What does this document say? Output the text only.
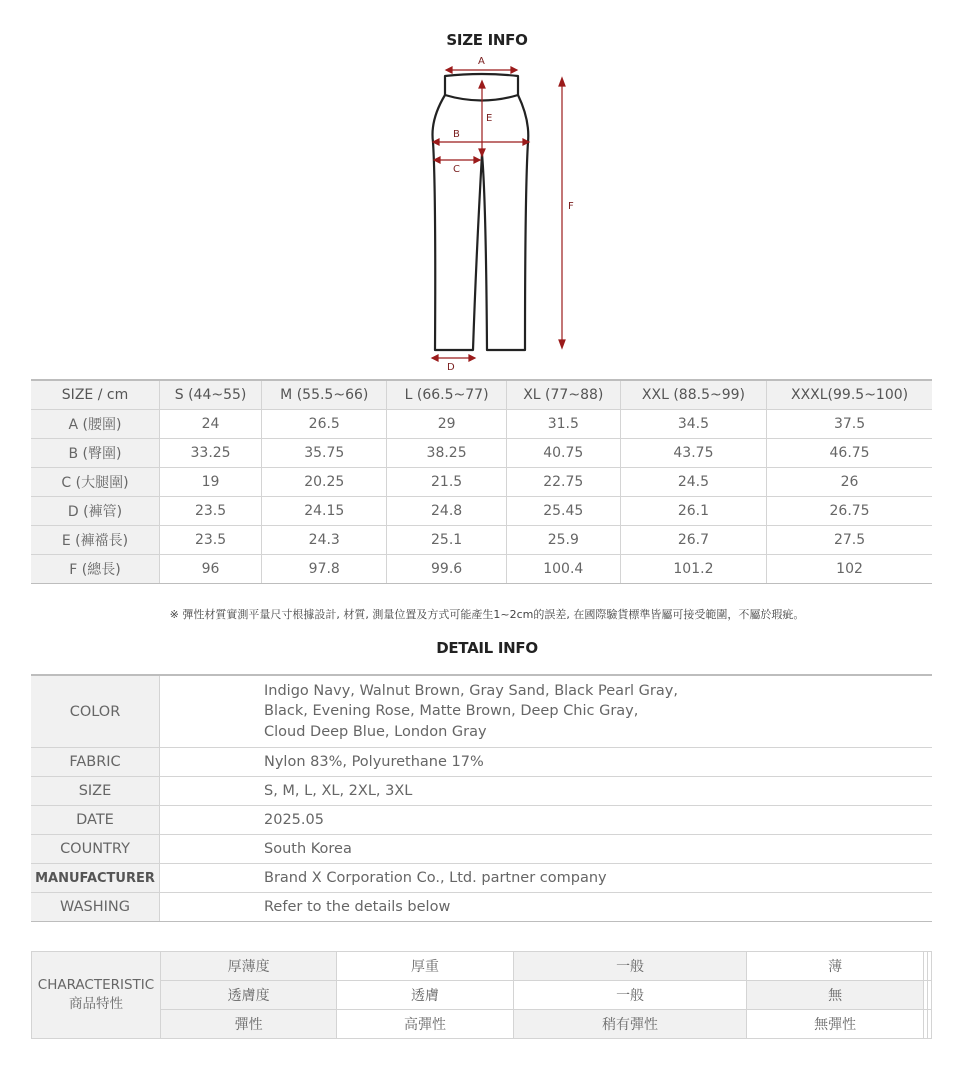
SIZE INFO
A
B
C
D
E
F
SIZE / cm	S (44~55)	M (55.5~66)	L (66.5~77)	XL (77~88)	XXL (88.5~99)	XXXL(99.5~100)
A (腰圍)	24	26.5	29	31.5	34.5	37.5
B (臀圍)	33.25	35.75	38.25	40.75	43.75	46.75
C (大腿圍)	19	20.25	21.5	22.75	24.5	26
D (褲管)	23.5	24.15	24.8	25.45	26.1	26.75
E (褲襠長)	23.5	24.3	25.1	25.9	26.7	27.5
F (總長)	96	97.8	99.6	100.4	101.2	102
※ 彈性材質實測平量尺寸根據設計, 材質, 測量位置及方式可能產生1~2cm的誤差, 在國際驗貨標準皆屬可接受範圍，不屬於瑕疵。
DETAIL INFO
COLOR	Indigo Navy, Walnut Brown, Gray Sand, Black Pearl Gray,
Black, Evening Rose, Matte Brown, Deep Chic Gray,
Cloud Deep Blue, London Gray

FABRIC	Nylon 83%, Polyurethane 17%
SIZE	S, M, L, XL, 2XL, 3XL
DATE	2025.05
COUNTRY	South Korea
MANUFACTURER	Brand X Corporation Co., Ltd. partner company
WASHING	Refer to the details below
CHARACTERISTIC
商品特性	厚薄度	厚重	一般	薄		
	透膚度	透膚	一般	無		
	彈性	高彈性	稍有彈性	無彈性		
